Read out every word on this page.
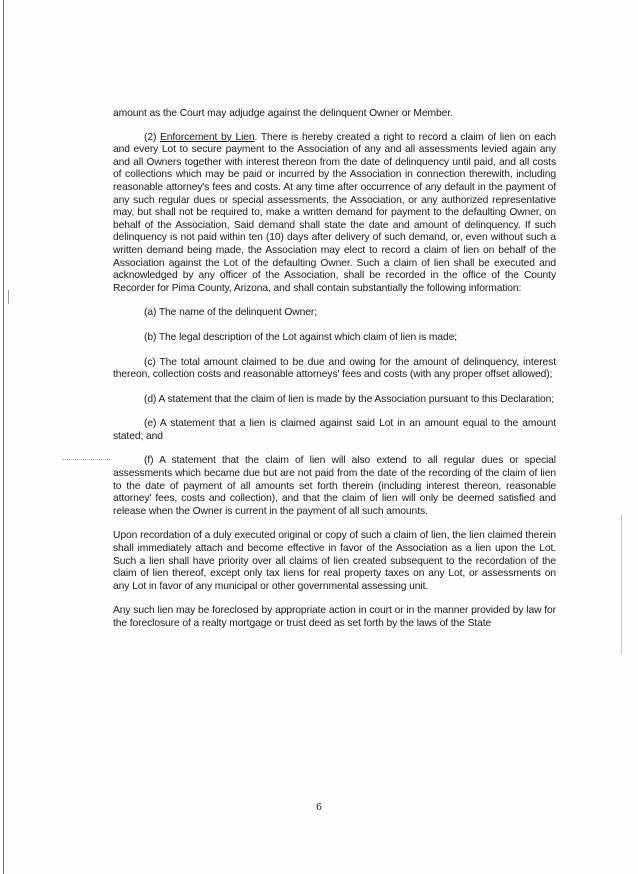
amount as the Court may adjudge against the delinquent Owner or Member.

(2) Enforcement by Lien. There is hereby created a right to record a claim of lien on each and every Lot to secure payment to the Association of any and all assessments levied again any and all Owners together with interest thereon from the date of delinquency until paid, and all costs of collections which may be paid or incurred by the Association in connection therewith, including reasonable attorney's fees and costs. At any time after occurrence of any default in the payment of any such regular dues or special assessments, the Association, or any authorized representative may, but shall not be required to, make a written demand for payment to the defaulting Owner, on behalf of the Association, Said demand shall state the date and amount of delinquency. If such delinquency is not paid within ten (10) days after delivery of such demand, or, even without such a written demand being made, the Association may elect to record a claim of lien on behalf of the Association against the Lot of the defaulting Owner. Such a claim of lien shall be executed and acknowledged by any officer of the Association, shall be recorded in the office of the County Recorder for Pima County, Arizona, and shall contain substantially the following information:

(a) The name of the delinquent Owner;

(b) The legal description of the Lot against which claim of lien is made;

(c) The total amount claimed to be due and owing for the amount of delinquency, interest thereon, collection costs and reasonable attorneys' fees and costs (with any proper offset allowed);

(d) A statement that the claim of lien is made by the Association pursuant to this Declaration;

(e) A statement that a lien is claimed against said Lot in an amount equal to the amount stated; and

(f) A statement that the claim of lien will also extend to all regular dues or special assessments which became due but are not paid from the date of the recording of the claim of lien to the date of payment of all amounts set forth therein (including interest thereon, reasonable attorney' fees, costs and collection), and that the claim of lien will only be deemed satisfied and release when the Owner is current in the payment of all such amounts.

Upon recordation of a duly executed original or copy of such a claim of lien, the lien claimed therein shall immediately attach and become effective in favor of the Association as a lien upon the Lot. Such a lien shall have priority over all claims of lien created subsequent to the recordation of the claim of lien thereof, except only tax liens for real property taxes on any Lot, or assessments on any Lot in favor of any municipal or other governmental assessing unit.

Any such lien may be foreclosed by appropriate action in court or in the manner provided by law for the foreclosure of a realty mortgage or trust deed as set forth by the laws of the State

6
